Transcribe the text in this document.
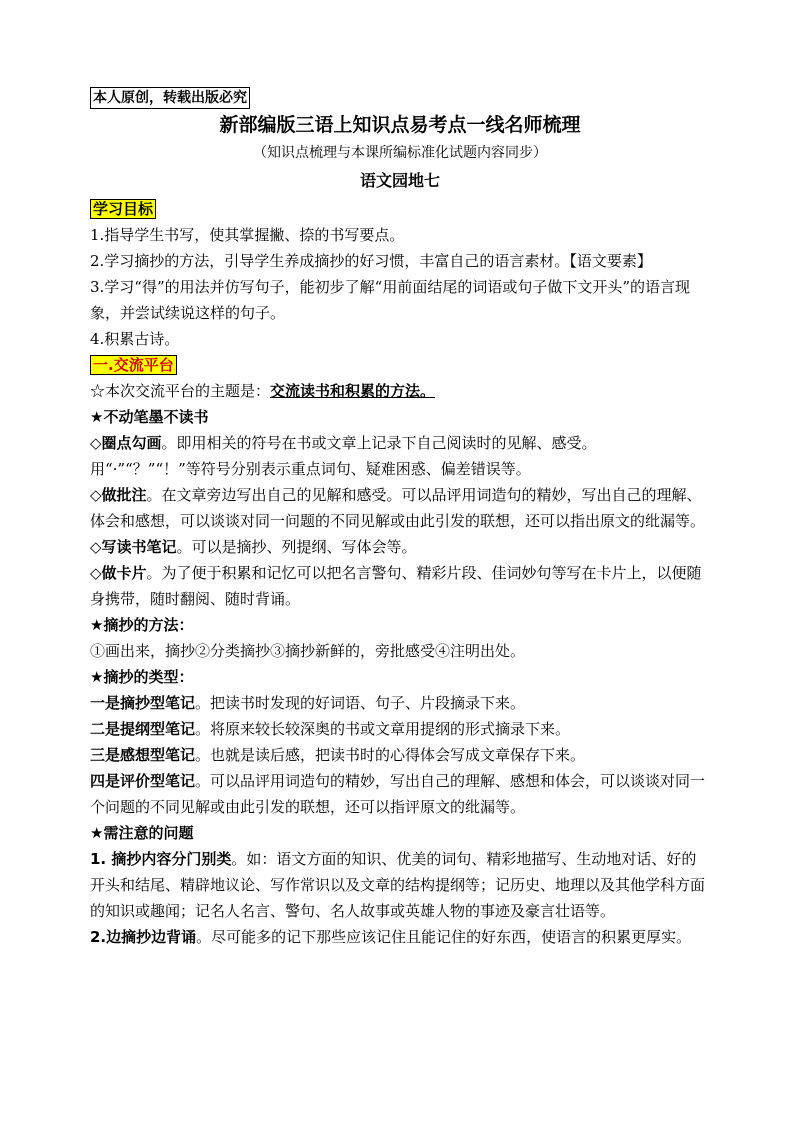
本人原创，转载出版必究
新部编版三语上知识点易考点一线名师梳理
（知识点梳理与本课所编标准化试题内容同步）
语文园地七
学习目标
1.指导学生书写，使其掌握撇、捺的书写要点。
2.学习摘抄的方法，引导学生养成摘抄的好习惯，丰富自己的语言素材。【语文要素】
3.学习“得”的用法并仿写句子，能初步了解“用前面结尾的词语或句子做下文开头”的语言现象，并尝试续说这样的句子。
4.积累古诗。
一.交流平台
☆本次交流平台的主题是：交流读书和积累的方法。
★不动笔墨不读书
◇圈点勾画。即用相关的符号在书或文章上记录下自己阅读时的见解、感受。
用“·”“？”“！”等符号分别表示重点词句、疑难困惑、偏差错误等。
◇做批注。在文章旁边写出自己的见解和感受。可以品评用词造句的精妙，写出自己的理解、体会和感想，可以谈谈对同一问题的不同见解或由此引发的联想，还可以指出原文的纰漏等。
◇写读书笔记。可以是摘抄、列提纲、写体会等。
◇做卡片。为了便于积累和记忆可以把名言警句、精彩片段、佳词妙句等写在卡片上，以便随身携带，随时翻阅、随时背诵。
★摘抄的方法：
①画出来，摘抄②分类摘抄③摘抄新鲜的，旁批感受④注明出处。
★摘抄的类型：
一是摘抄型笔记。把读书时发现的好词语、句子、片段摘录下来。
二是提纲型笔记。将原来较长较深奥的书或文章用提纲的形式摘录下来。
三是感想型笔记。也就是读后感，把读书时的心得体会写成文章保存下来。
四是评价型笔记。可以品评用词造句的精妙，写出自己的理解、感想和体会，可以谈谈对同一个问题的不同见解或由此引发的联想，还可以指评原文的纰漏等。
★需注意的问题
1. 摘抄内容分门别类。如：语文方面的知识、优美的词句、精彩地描写、生动地对话、好的开头和结尾、精辟地议论、写作常识以及文章的结构提纲等；记历史、地理以及其他学科方面的知识或趣闻；记名人名言、警句、名人故事或英雄人物的事迹及豪言壮语等。
2.边摘抄边背诵。尽可能多的记下那些应该记住且能记住的好东西，使语言的积累更厚实。
